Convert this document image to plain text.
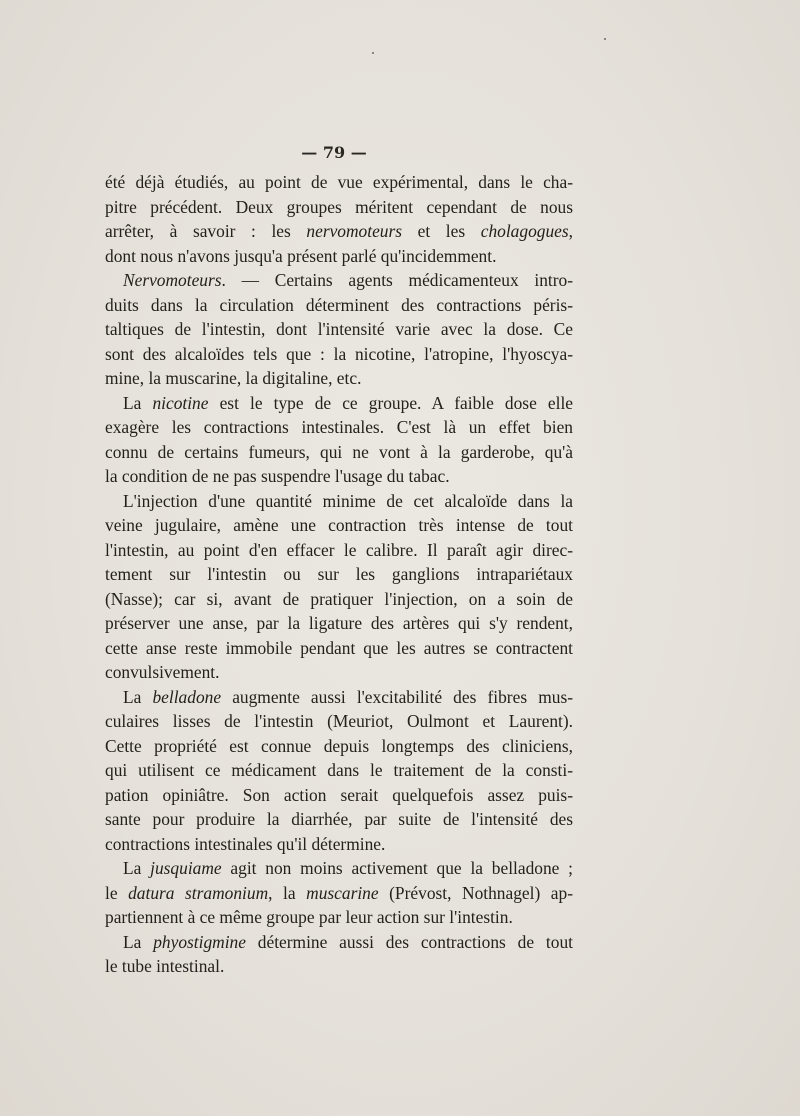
— 79 —

été déjà étudiés, au point de vue expérimental, dans le cha-
pitre précédent. Deux groupes méritent cependant de nous
arrêter, à savoir : les nervomoteurs et les cholagogues,
dont nous n'avons jusqu'a présent parlé qu'incidemment.

Nervomoteurs. — Certains agents médicamenteux intro-
duits dans la circulation déterminent des contractions péris-
taltiques de l'intestin, dont l'intensité varie avec la dose. Ce
sont des alcaloïdes tels que : la nicotine, l'atropine, l'hyoscya-
mine, la muscarine, la digitaline, etc.

La nicotine est le type de ce groupe. A faible dose elle
exagère les contractions intestinales. C'est là un effet bien
connu de certains fumeurs, qui ne vont à la garderobe, qu'à
la condition de ne pas suspendre l'usage du tabac.

L'injection d'une quantité minime de cet alcaloïde dans la
veine jugulaire, amène une contraction très intense de tout
l'intestin, au point d'en effacer le calibre. Il paraît agir direc-
tement sur l'intestin ou sur les ganglions intrapariétaux
(Nasse); car si, avant de pratiquer l'injection, on a soin de
préserver une anse, par la ligature des artères qui s'y rendent,
cette anse reste immobile pendant que les autres se contractent
convulsivement.

La belladone augmente aussi l'excitabilité des fibres mus-
culaires lisses de l'intestin (Meuriot, Oulmont et Laurent).
Cette propriété est connue depuis longtemps des cliniciens,
qui utilisent ce médicament dans le traitement de la consti-
pation opiniâtre. Son action serait quelquefois assez puis-
sante pour produire la diarrhée, par suite de l'intensité des
contractions intestinales qu'il détermine.

La jusquiame agit non moins activement que la belladone ;
le datura stramonium, la muscarine (Prévost, Nothnagel) ap-
partiennent à ce même groupe par leur action sur l'intestin.

La phyostigmine détermine aussi des contractions de tout
le tube intestinal.
